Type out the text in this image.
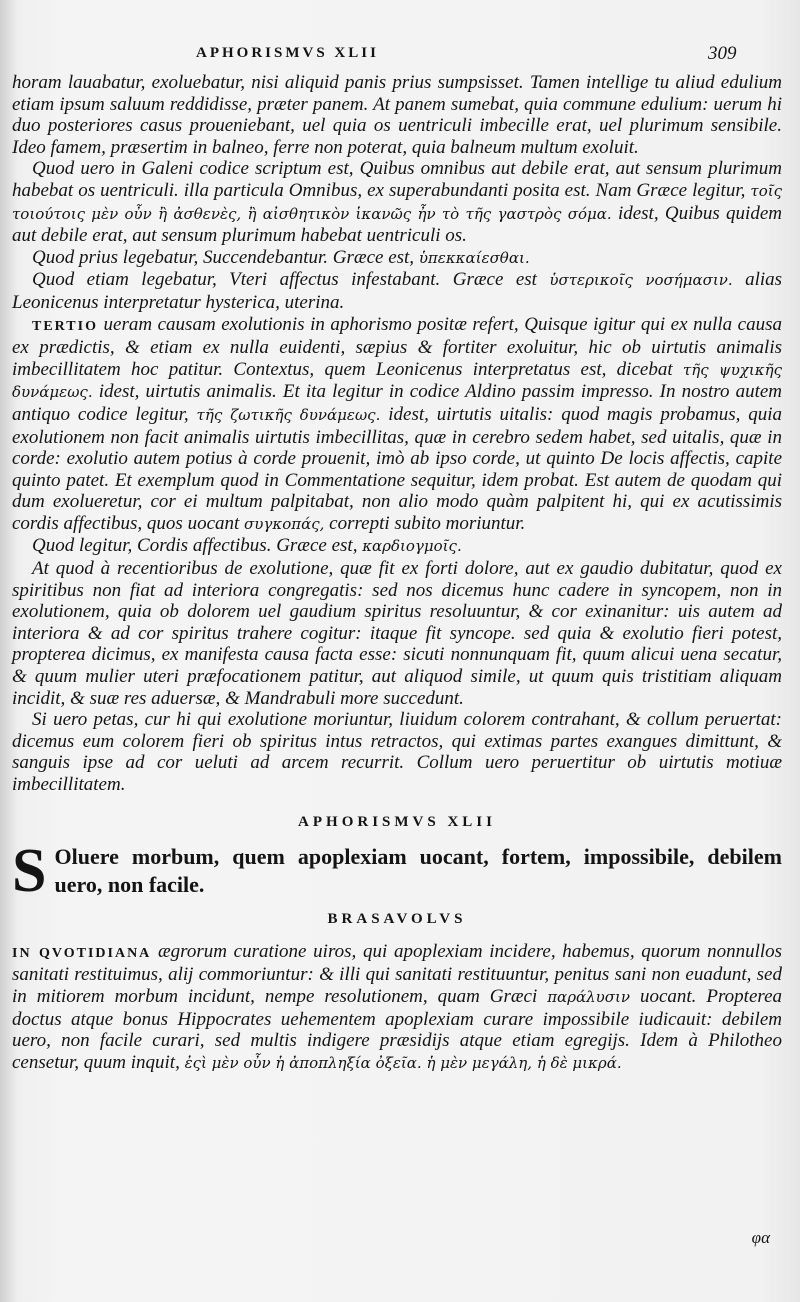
APHORISMVS XLII	309

horam lauabatur, exoluebatur, nisi aliquid panis prius sumpsisset. Tamen intellige tu aliud edulium etiam ipsum saluum reddidisse, præter panem. At panem sumebat, quia commune edulium: uerum hi duo posteriores casus proueniebant, uel quia os uentriculi imbecille erat, uel plurimum sensibile. Ideo famem, præsertim in balneo, ferre non poterat, quia balneum multum exoluit.

Quod uero in Galeni codice scriptum est, Quibus omnibus aut debile erat, aut sensum plurimum habebat os uentriculi. illa particula Omnibus, ex superabundanti posita est. Nam Græce legitur, τοῖς τοιούτοις μὲν οὖν ἢ ἀσθενὲς, ἢ αἰσθητικὸν ἱκανῶς ἦν τὸ τῆς γαστρὸς σόμα. idest, Quibus quidem aut debile erat, aut sensum plurimum habebat uentriculi os.

Quod prius legebatur, Succendebantur. Græce est, ὑπεκκαίεσθαι.

Quod etiam legebatur, Vteri affectus infestabant. Græce est ὑστερικοῖς νοσήμασιν. alias Leonicenus interpretatur hysterica, uterina.

TERTIO ueram causam exolutionis in aphorismo positæ refert, Quisque igitur qui ex nulla causa ex prædictis, & etiam ex nulla euidenti, sæpius & fortiter exoluitur, hic ob uirtutis animalis imbecillitatem hoc patitur. Contextus, quem Leonicenus interpretatus est, dicebat τῆς ψυχικῆς δυνάμεως. idest, uirtutis animalis. Et ita legitur in codice Aldino passim impresso. In nostro autem antiquo codice legitur, τῆς ζωτικῆς δυνάμεως. idest, uirtutis uitalis: quod magis probamus, quia exolutionem non facit animalis uirtutis imbecillitas, quæ in cerebro sedem habet, sed uitalis, quæ in corde: exolutio autem potius à corde prouenit, imò ab ipso corde, ut quinto De locis affectis, capite quinto patet. Et exemplum quod in Commentatione sequitur, idem probat. Est autem de quodam qui dum exolueretur, cor ei multum palpitabat, non alio modo quàm palpitent hi, qui ex acutissimis cordis affectibus, quos uocant συγκοπάς, correpti subito moriuntur.

Quod legitur, Cordis affectibus. Græce est, καρδιογμοῖς.

At quod à recentioribus de exolutione, quæ fit ex forti dolore, aut ex gaudio dubitatur, quod ex spiritibus non fiat ad interiora congregatis: sed nos dicemus hunc cadere in syncopem, non in exolutionem, quia ob dolorem uel gaudium spiritus resoluuntur, & cor exinanitur: uis autem ad interiora & ad cor spiritus trahere cogitur: itaque fit syncope. sed quia & exolutio fieri potest, propterea dicimus, ex manifesta causa facta esse: sicuti nonnunquam fit, quum alicui uena secatur, & quum mulier uteri præfocationem patitur, aut aliquod simile, ut quum quis tristitiam aliquam incidit, & suæ res aduersæ, & Mandrabuli more succedunt.

Si uero petas, cur hi qui exolutione moriuntur, liuidum colorem contrahant, & collum peruertat: dicemus eum colorem fieri ob spiritus intus retractos, qui extimas partes exangues dimittunt, & sanguis ipse ad cor ueluti ad arcem recurrit. Collum uero peruertitur ob uirtutis motiuæ imbecillitatem.

APHORISMVS XLII

S Oluere morbum, quem apoplexiam uocant, fortem, impossibile, debilem uero, non facile.

BRASAVOLVS

IN QVOTIDIANA ægrorum curatione uiros, qui apoplexiam incidere, habemus, quorum nonnullos sanitati restituimus, alij commoriuntur: & illi qui sanitati restituuntur, penitus sani non euadunt, sed in mitiorem morbum incidunt, nempe resolutionem, quam Græci παράλυσιν uocant. Propterea doctus atque bonus Hippocrates uehementem apoplexiam curare impossibile iudicauit: debilem uero, non facile curari, sed multis indigere præsidijs atque etiam egregijs. Idem à Philotheo censetur, quum inquit, ἐςὶ μὲν οὖν ἡ ἀποπληξία ὀξεῖα. ἡ μὲν μεγάλη, ἡ δὲ μικρά.

φα
